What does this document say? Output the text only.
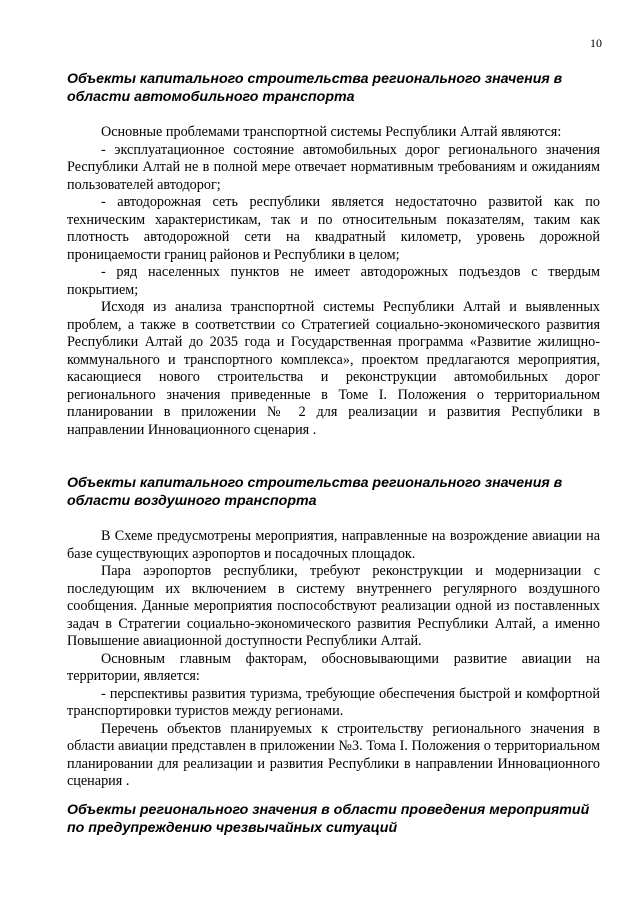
10
Объекты капитального строительства регионального значения в области автомобильного транспорта

Основные проблемами транспортной системы Республики Алтай являются:

- эксплуатационное состояние автомобильных дорог регионального значения Республики Алтай не в полной мере отвечает нормативным требованиям и ожиданиям пользователей автодорог;

- автодорожная сеть республики является недостаточно развитой как по техническим характеристикам, так и по относительным показателям, таким как плотность автодорожной сети на квадратный километр, уровень дорожной проницаемости границ районов и Республики в целом;

- ряд населенных пунктов не имеет автодорожных подъездов с твердым покрытием;

Исходя из анализа транспортной системы Республики Алтай и выявленных проблем, а также в соответствии со Стратегией социально-экономического развития Республики Алтай до 2035 года и Государственная программа «Развитие жилищно-коммунального и транспортного комплекса», проектом предлагаются мероприятия, касающиеся нового строительства и реконструкции автомобильных дорог регионального значения приведенные в Томе I. Положения о территориальном планировании в приложении № 2 для реализации и развития Республики в направлении Инновационного сценария .

Объекты капитального строительства регионального значения в области воздушного транспорта

В Схеме предусмотрены мероприятия, направленные на возрождение авиации на базе существующих аэропортов и посадочных площадок.

Пара аэропортов республики, требуют реконструкции и модернизации с последующим их включением в систему внутреннего регулярного воздушного сообщения. Данные мероприятия поспособствуют реализации одной из поставленных задач в Стратегии социально-экономического развития Республики Алтай, а именно Повышение авиационной доступности Республики Алтай.

Основным главным факторам, обосновывающими развитие авиации на территории, является:

- перспективы развития туризма, требующие обеспечения быстрой и комфортной транспортировки туристов между регионами.

Перечень объектов планируемых к строительству регионального значения в области авиации представлен в приложении №3. Тома I. Положения о территориальном планировании для реализации и развития Республики в направлении Инновационного сценария .

Объекты регионального значения в области проведения мероприятий по предупреждению чрезвычайных ситуаций
